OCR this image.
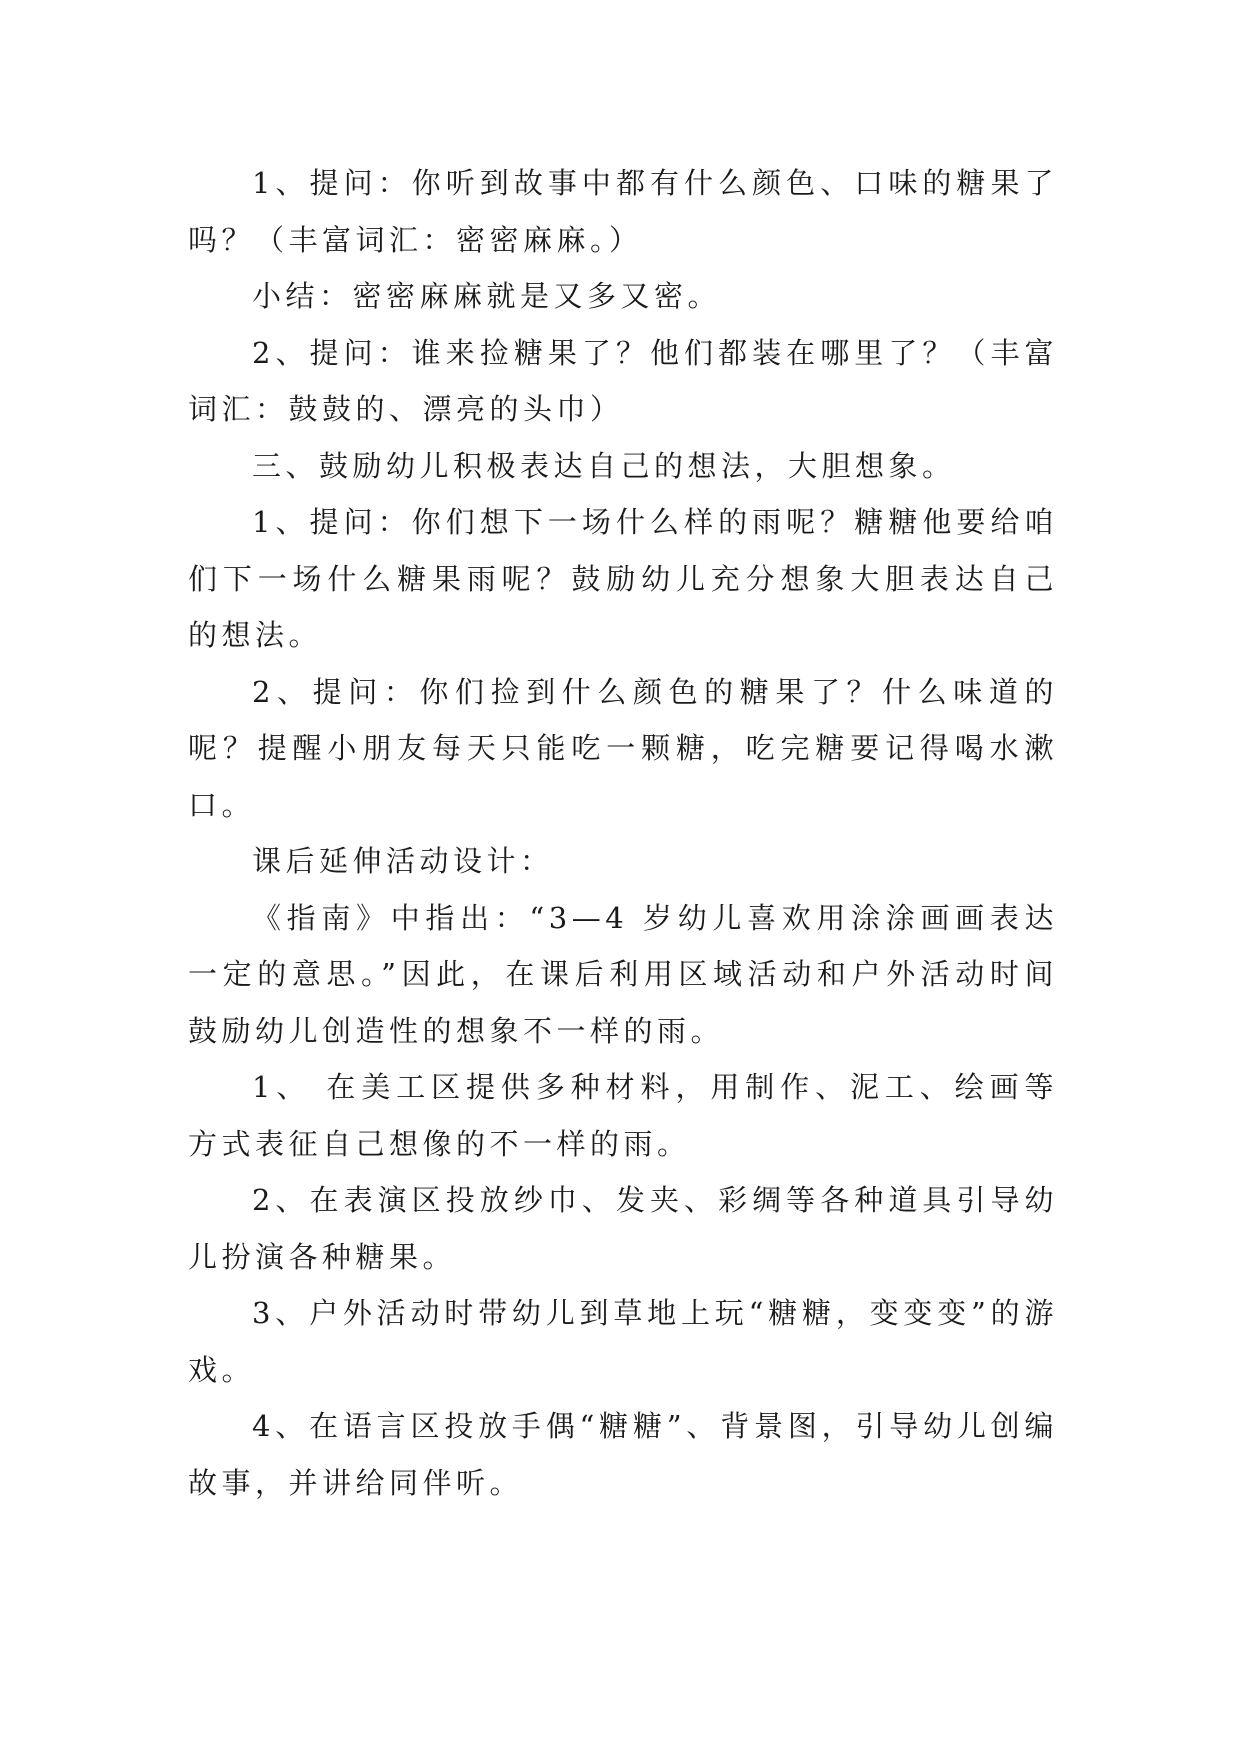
1、提问：你听到故事中都有什么颜色、口味的糖果了吗？（丰富词汇：密密麻麻。）

小结：密密麻麻就是又多又密。

2、提问：谁来捡糖果了？他们都装在哪里了？（丰富词汇：鼓鼓的、漂亮的头巾）

三、鼓励幼儿积极表达自己的想法，大胆想象。

1、提问：你们想下一场什么样的雨呢？糖糖他要给咱们下一场什么糖果雨呢？鼓励幼儿充分想象大胆表达自己的想法。

2、提问：你们捡到什么颜色的糖果了？什么味道的呢？提醒小朋友每天只能吃一颗糖，吃完糖要记得喝水漱口。

课后延伸活动设计：

《指南》中指出：“3—4 岁幼儿喜欢用涂涂画画表达一定的意思。”因此，在课后利用区域活动和户外活动时间鼓励幼儿创造性的想象不一样的雨。

1、 在美工区提供多种材料，用制作、泥工、绘画等方式表征自己想像的不一样的雨。

2、在表演区投放纱巾、发夹、彩绸等各种道具引导幼儿扮演各种糖果。

3、户外活动时带幼儿到草地上玩“糖糖，变变变”的游戏。

4、在语言区投放手偶“糖糖”、背景图，引导幼儿创编故事，并讲给同伴听。
